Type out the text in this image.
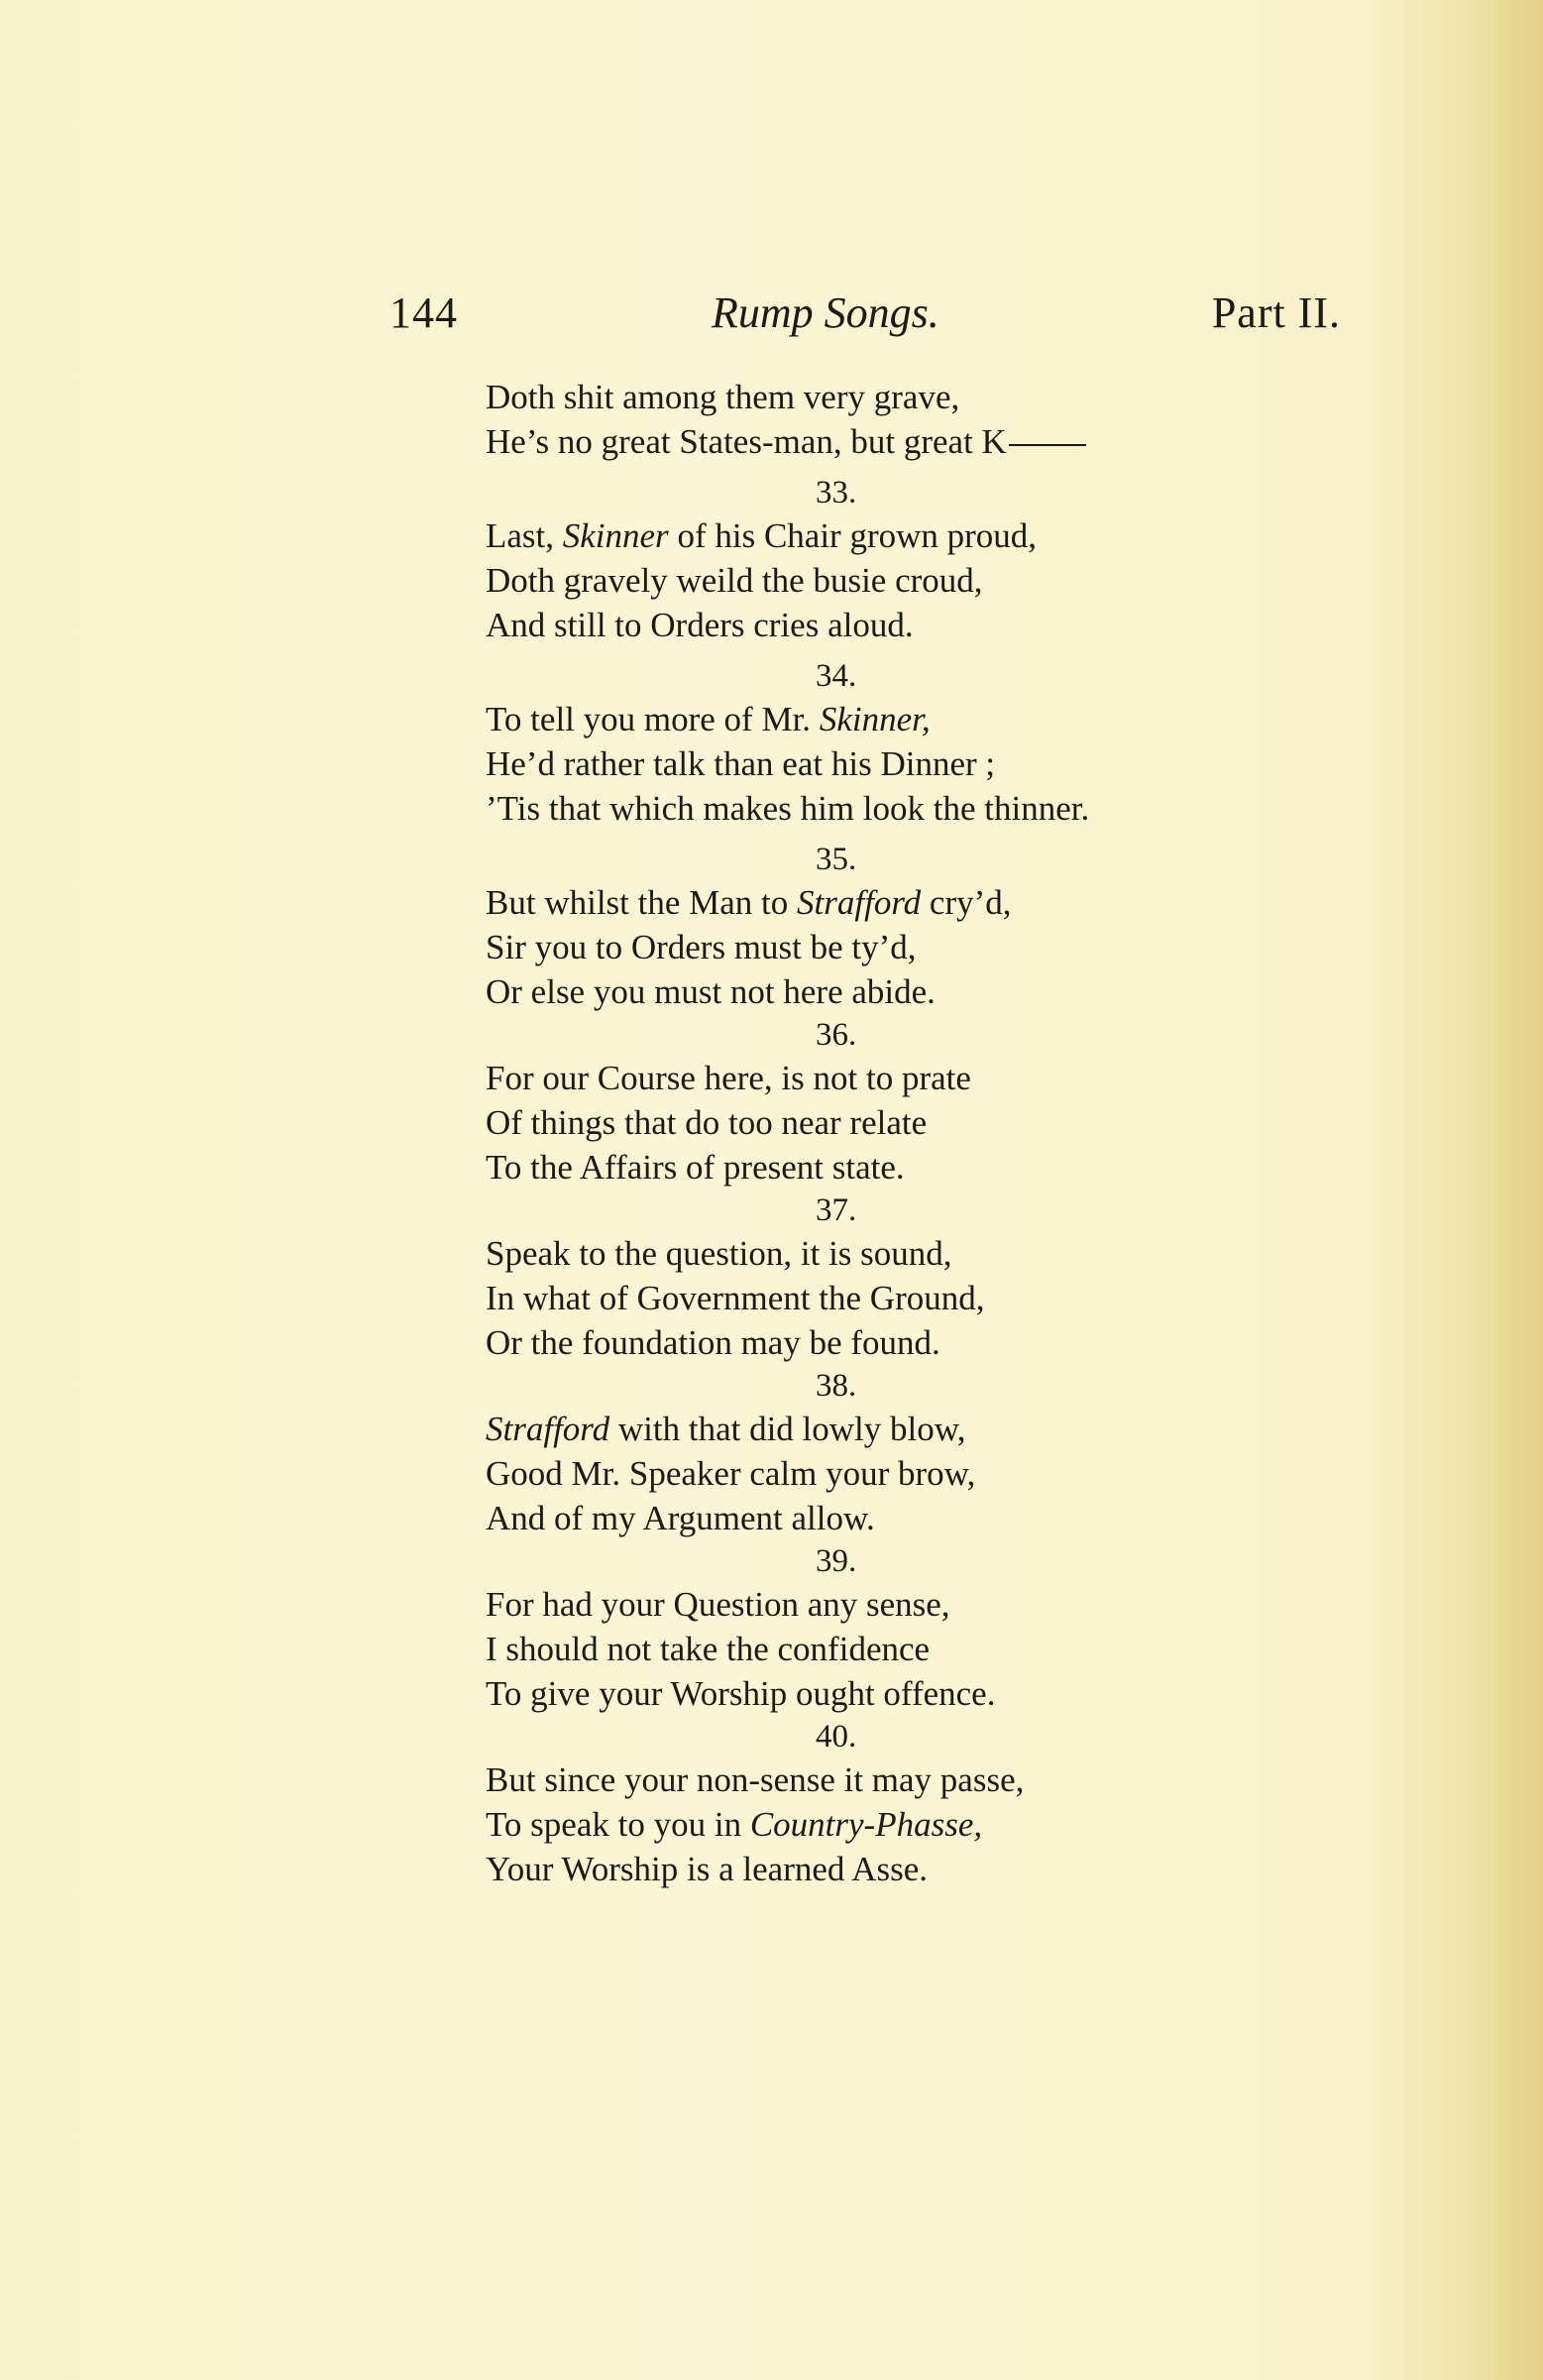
144	Rump Songs.	Part II.
Doth shit among them very grave,
He’s no great States-man, but great K
33.
Last, Skinner of his Chair grown proud,
Doth gravely weild the busie croud,
And still to Orders cries aloud.
34.
To tell you more of Mr. Skinner,
He’d rather talk than eat his Dinner ;
’Tis that which makes him look the thinner.
35.
But whilst the Man to Strafford cry’d,
Sir you to Orders must be ty’d,
Or else you must not here abide.
36.
For our Course here, is not to prate
Of things that do too near relate
To the Affairs of present state.
37.
Speak to the question, it is sound,
In what of Government the Ground,
Or the foundation may be found.
38.
Strafford with that did lowly blow,
Good Mr. Speaker calm your brow,
And of my Argument allow.
39.
For had your Question any sense,
I should not take the confidence
To give your Worship ought offence.
40.
But since your non-sense it may passe,
To speak to you in Country-Phasse,
Your Worship is a learned Asse.
